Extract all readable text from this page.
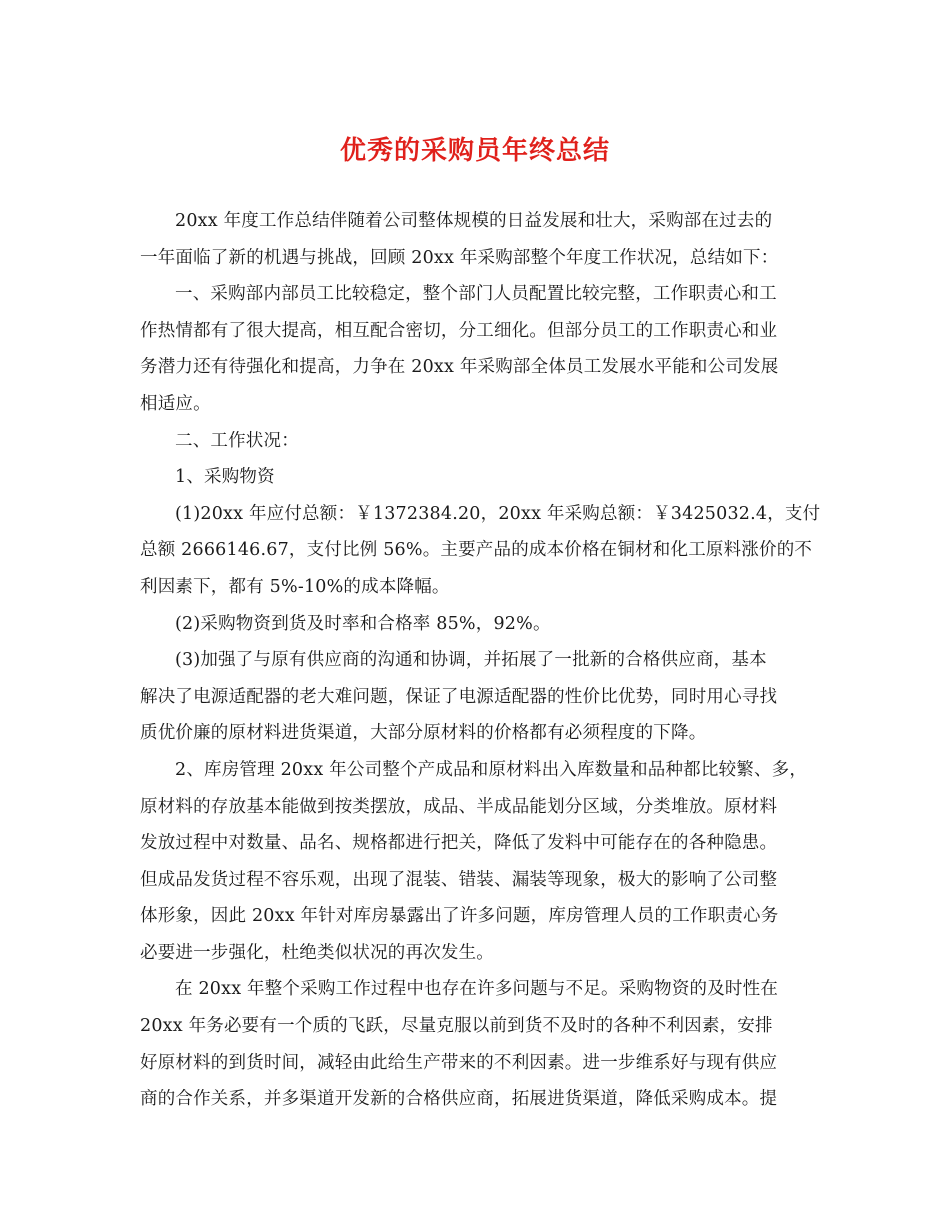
优秀的采购员年终总结
20xx 年度工作总结伴随着公司整体规模的日益发展和壮大，采购部在过去的
一年面临了新的机遇与挑战，回顾 20xx 年采购部整个年度工作状况，总结如下：
一、采购部内部员工比较稳定，整个部门人员配置比较完整，工作职责心和工
作热情都有了很大提高，相互配合密切，分工细化。但部分员工的工作职责心和业
务潜力还有待强化和提高，力争在 20xx 年采购部全体员工发展水平能和公司发展
相适应。
二、工作状况：
1、采购物资
(1)20xx 年应付总额：￥1372384.20，20xx 年采购总额：￥3425032.4，支付
总额 2666146.67，支付比例 56%。主要产品的成本价格在铜材和化工原料涨价的不
利因素下，都有 5%-10%的成本降幅。
(2)采购物资到货及时率和合格率 85%，92%。
(3)加强了与原有供应商的沟通和协调，并拓展了一批新的合格供应商，基本
解决了电源适配器的老大难问题，保证了电源适配器的性价比优势，同时用心寻找
质优价廉的原材料进货渠道，大部分原材料的价格都有必须程度的下降。
2、库房管理 20xx 年公司整个产成品和原材料出入库数量和品种都比较繁、多，
原材料的存放基本能做到按类摆放，成品、半成品能划分区域，分类堆放。原材料
发放过程中对数量、品名、规格都进行把关，降低了发料中可能存在的各种隐患。
但成品发货过程不容乐观，出现了混装、错装、漏装等现象，极大的影响了公司整
体形象，因此 20xx 年针对库房暴露出了许多问题，库房管理人员的工作职责心务
必要进一步强化，杜绝类似状况的再次发生。
在 20xx 年整个采购工作过程中也存在许多问题与不足。采购物资的及时性在
20xx 年务必要有一个质的飞跃，尽量克服以前到货不及时的各种不利因素，安排
好原材料的到货时间，减轻由此给生产带来的不利因素。进一步维系好与现有供应
商的合作关系，并多渠道开发新的合格供应商，拓展进货渠道，降低采购成本。提
